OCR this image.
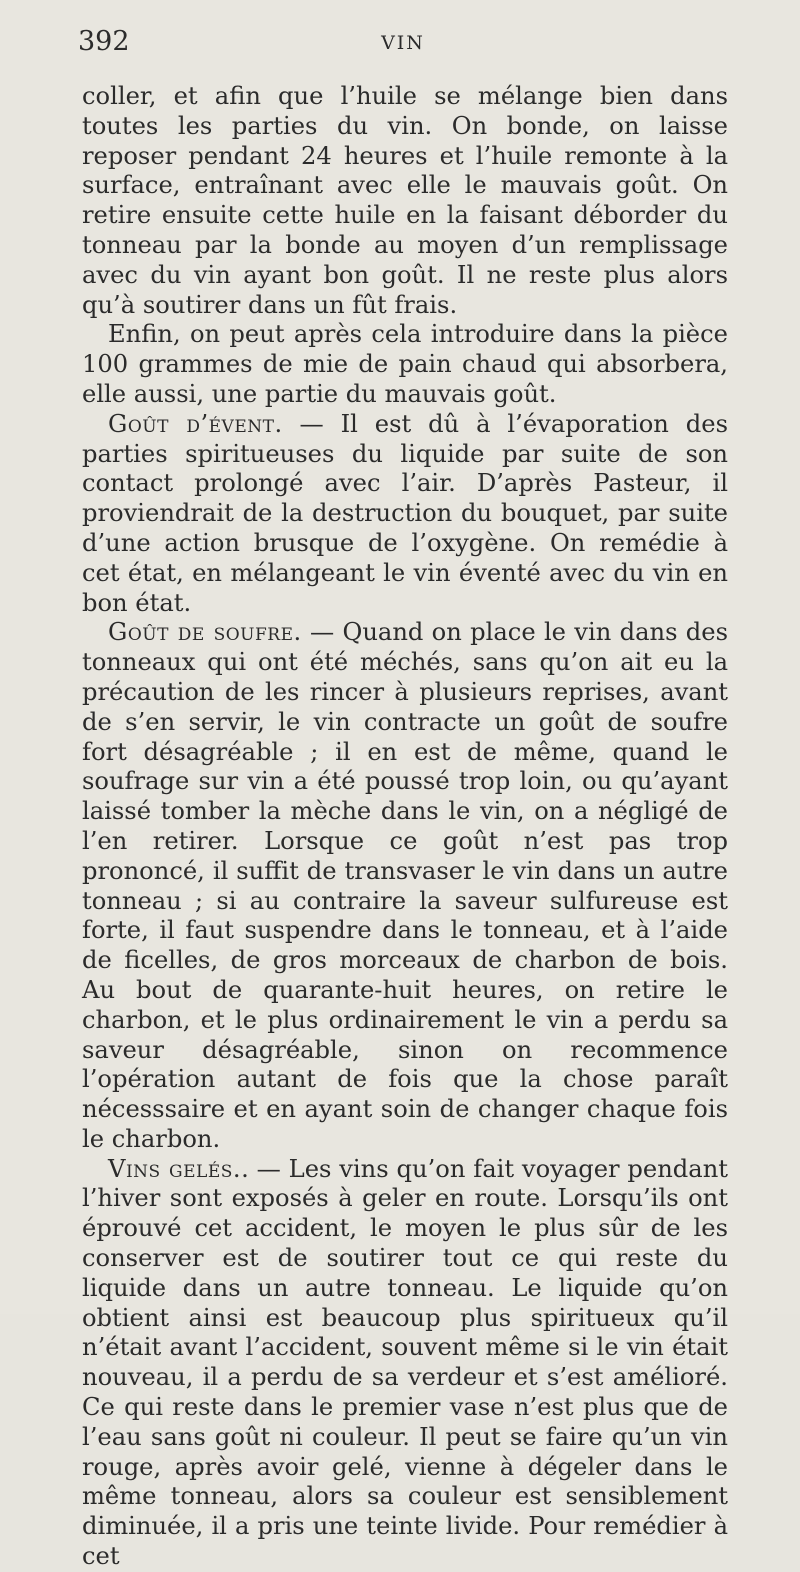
392	VIN

coller, et afin que l’huile se mélange bien dans toutes les parties du vin. On bonde, on laisse reposer pendant 24 heures et l’huile remonte à la surface, entraînant avec elle le mauvais goût. On retire ensuite cette huile en la faisant déborder du tonneau par la bonde au moyen d’un remplissage avec du vin ayant bon goût. Il ne reste plus alors qu’à soutirer dans un fût frais.

Enfin, on peut après cela introduire dans la pièce 100 grammes de mie de pain chaud qui absorbera, elle aussi, une partie du mauvais goût.

Goût d’évent. — Il est dû à l’évaporation des parties spiritueuses du liquide par suite de son contact prolongé avec l’air. D’après Pasteur, il proviendrait de la destruction du bouquet, par suite d’une action brusque de l’oxygène. On remédie à cet état, en mélangeant le vin éventé avec du vin en bon état.

Goût de soufre. — Quand on place le vin dans des tonneaux qui ont été méchés, sans qu’on ait eu la précaution de les rincer à plusieurs reprises, avant de s’en servir, le vin contracte un goût de soufre fort désagréable ; il en est de même, quand le soufrage sur vin a été poussé trop loin, ou qu’ayant laissé tomber la mèche dans le vin, on a négligé de l’en retirer. Lorsque ce goût n’est pas trop prononcé, il suffit de transvaser le vin dans un autre tonneau ; si au contraire la saveur sulfureuse est forte, il faut suspendre dans le tonneau, et à l’aide de ficelles, de gros morceaux de charbon de bois. Au bout de quarante-huit heures, on retire le charbon, et le plus ordinairement le vin a perdu sa saveur désagréable, sinon on recommence l’opération autant de fois que la chose paraît nécesssaire et en ayant soin de changer chaque fois le charbon.

Vins gelés.. — Les vins qu’on fait voyager pendant l’hiver sont exposés à geler en route. Lorsqu’ils ont éprouvé cet accident, le moyen le plus sûr de les conserver est de soutirer tout ce qui reste du liquide dans un autre tonneau. Le liquide qu’on obtient ainsi est beaucoup plus spiritueux qu’il n’était avant l’accident, souvent même si le vin était nouveau, il a perdu de sa verdeur et s’est amélioré. Ce qui reste dans le premier vase n’est plus que de l’eau sans goût ni couleur. Il peut se faire qu’un vin rouge, après avoir gelé, vienne à dégeler dans le même tonneau, alors sa couleur est sensiblement diminuée, il a pris une teinte livide. Pour remédier à cet
